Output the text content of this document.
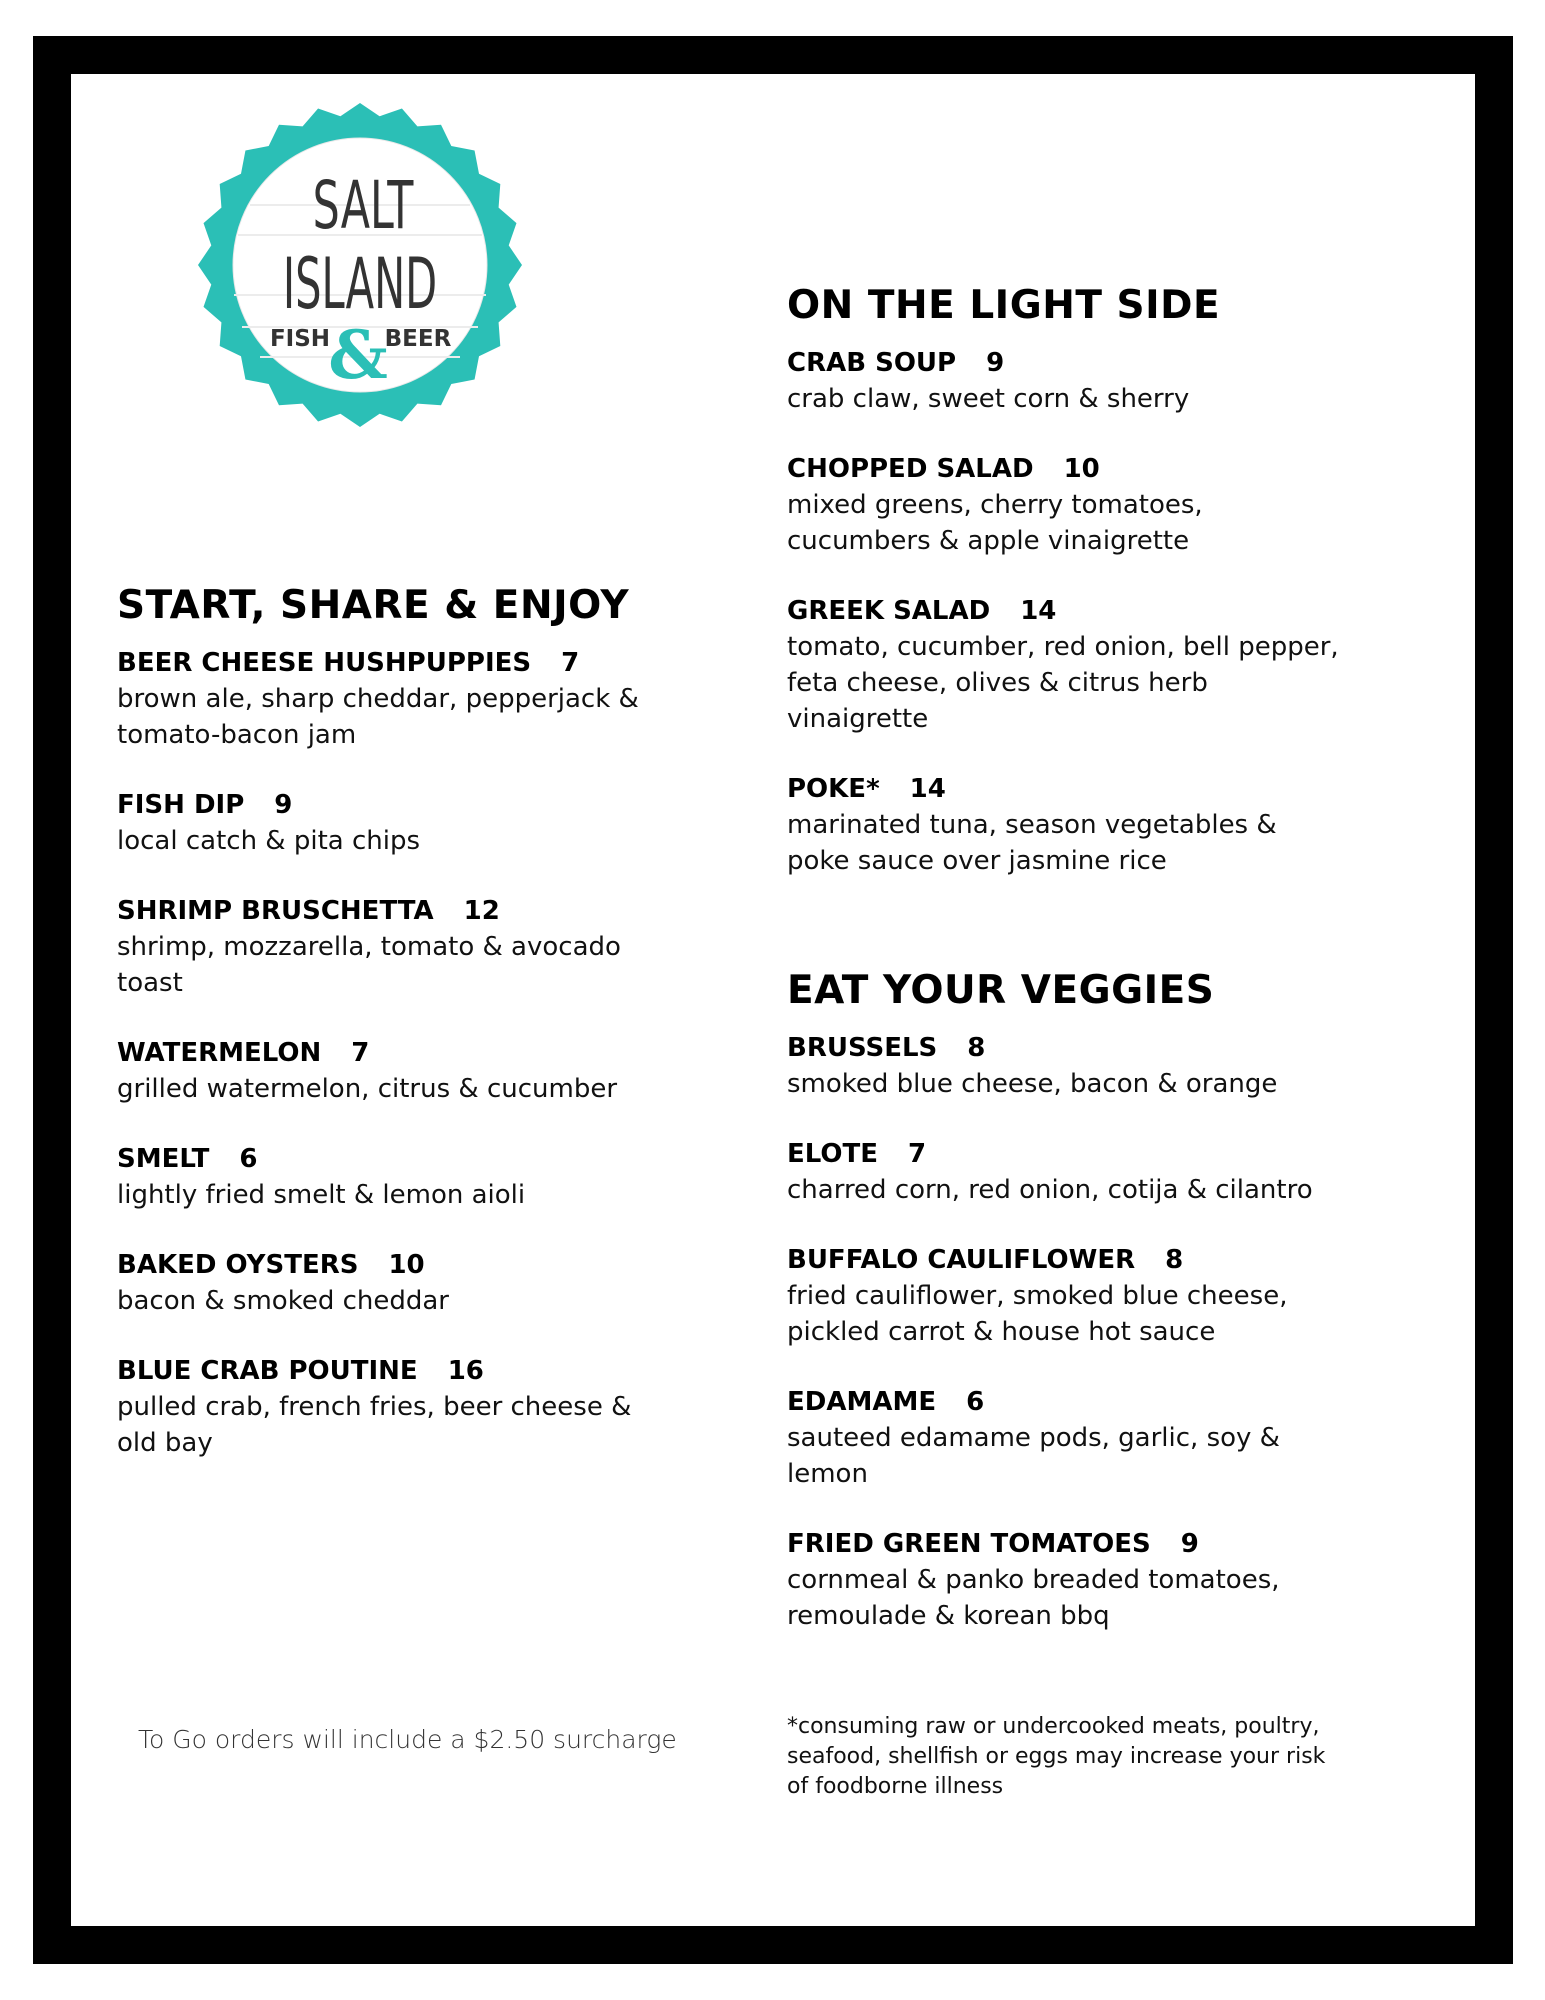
SALT
ISLAND
FISH BEER
&
START, SHARE & ENJOY
BEER CHEESE HUSHPUPPIES 7
brown ale, sharp cheddar, pepperjack & tomato-bacon jam
FISH DIP 9
local catch & pita chips
SHRIMP BRUSCHETTA 12
shrimp, mozzarella, tomato & avocado toast
WATERMELON 7
grilled watermelon, citrus & cucumber
SMELT 6
lightly fried smelt & lemon aioli
BAKED OYSTERS 10
bacon & smoked cheddar
BLUE CRAB POUTINE 16
pulled crab, french fries, beer cheese & old bay
ON THE LIGHT SIDE
CRAB SOUP 9
crab claw, sweet corn & sherry
CHOPPED SALAD 10
mixed greens, cherry tomatoes, cucumbers & apple vinaigrette
GREEK SALAD 14
tomato, cucumber, red onion, bell pepper, feta cheese, olives & citrus herb vinaigrette
POKE* 14
marinated tuna, season vegetables & poke sauce over jasmine rice
EAT YOUR VEGGIES
BRUSSELS 8
smoked blue cheese, bacon & orange
ELOTE 7
charred corn, red onion, cotija & cilantro
BUFFALO CAULIFLOWER 8
fried cauliflower, smoked blue cheese, pickled carrot & house hot sauce
EDAMAME 6
sauteed edamame pods, garlic, soy & lemon
FRIED GREEN TOMATOES 9
cornmeal & panko breaded tomatoes, remoulade & korean bbq
To Go orders will include a $2.50 surcharge	*consuming raw or undercooked meats, poultry, seafood, shellfish or eggs may increase your risk of foodborne illness
